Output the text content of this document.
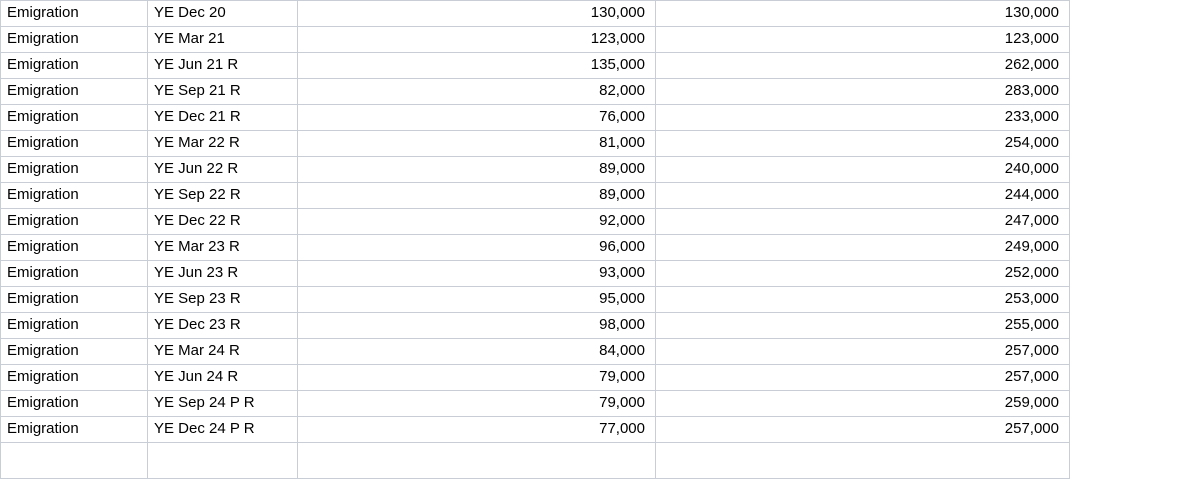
Emigration	YE Dec 20	130,000	130,000
Emigration	YE Mar 21	123,000	123,000
Emigration	YE Jun 21 R	135,000	262,000
Emigration	YE Sep 21 R	82,000	283,000
Emigration	YE Dec 21 R	76,000	233,000
Emigration	YE Mar 22 R	81,000	254,000
Emigration	YE Jun 22 R	89,000	240,000
Emigration	YE Sep 22 R	89,000	244,000
Emigration	YE Dec 22 R	92,000	247,000
Emigration	YE Mar 23 R	96,000	249,000
Emigration	YE Jun 23 R	93,000	252,000
Emigration	YE Sep 23 R	95,000	253,000
Emigration	YE Dec 23 R	98,000	255,000
Emigration	YE Mar 24 R	84,000	257,000
Emigration	YE Jun 24 R	79,000	257,000
Emigration	YE Sep 24 P R	79,000	259,000
Emigration	YE Dec 24 P R	77,000	257,000
